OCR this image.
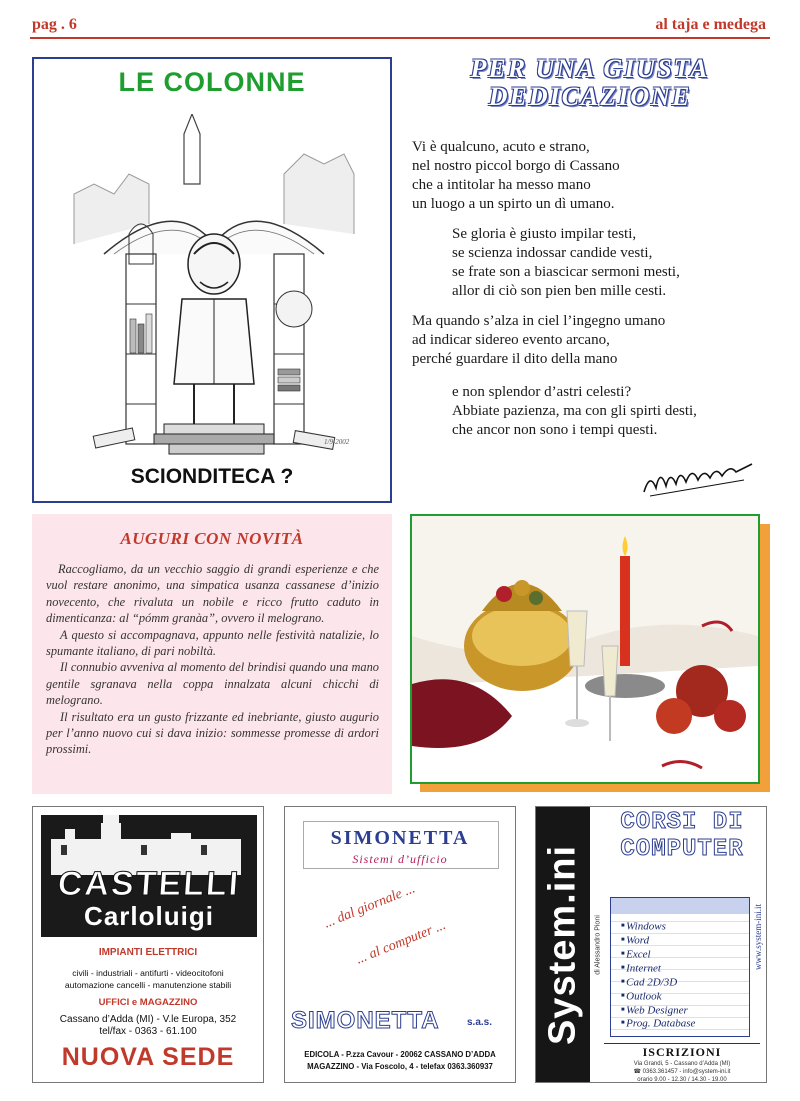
pag . 6	al taja e medega
LE COLONNE
1/9-2002
SCIONDITECA ?
PER UNA GIUSTA
DEDICAZIONE
Vi è qualcuno, acuto e strano,
nel nostro piccol borgo di Cassano
che a intitolar ha messo mano
un luogo a un spirto un dì umano.
Se gloria è giusto impilar testi,
se scienza indossar candide vesti,
se frate son a biascicar sermoni mesti,
allor di ciò son pien ben mille cesti.
Ma quando s’alza in ciel l’ingegno umano
ad indicar sidereo evento arcano,
perché guardare il dito della mano
e non splendor d’astri celesti?
Abbiate pazienza, ma con gli spirti desti,
che ancor non sono i tempi questi.
AUGURI CON NOVITÀ

Raccogliamo, da un vecchio saggio di grandi esperienze e che vuol restare anonimo, una simpatica usanza cassanese d’inizio novecento, che rivaluta un nobile e ricco frutto caduto in dimenticanza: al “pómm granàa”, ovvero il melograno.

A questo si accompagnava, appunto nelle festività natalizie, lo spumante italiano, di pari nobiltà.

Il connubio avveniva al momento del brindisi quando una mano gentile sgranava nella coppa innalzata alcuni chicchi di melograno.

Il risultato era un gusto frizzante ed inebriante, giusto augurio per l’anno nuovo cui si dava inizio: sommesse promesse di ardori prossimi.

CASTELLI
Carloluigi
IMPIANTI ELETTRICI
civili - industriali - antifurti - videocitofoni
automazione cancelli - manutenzione stabili
UFFICI e MAGAZZINO
Cassano d’Adda (MI) - V.le Europa, 352
tel/fax - 0363 - 61.100
NUOVA SEDE
SIMONETTA
Sistemi d’ufficio
... dal giornale ...
... al computer ...
SIMONETTA	s.a.s.
EDICOLA - P.zza Cavour - 20062 CASSANO D’ADDA
MAGAZZINO - Via Foscolo, 4 - telefax 0363.360937
System.ini di Alessandro Pioni
CORSI DI
COMPUTER
www.system-ini.it
■ Windows
■ Word
■ Excel
■ Internet
■ Cad 2D/3D
■ Outlook
■ Web Designer
■ Prog. Database
ISCRIZIONI
Via Grandi, 5 - Cassano d’Adda (MI)
☎ 0363.361457 - info@system-ini.it
orario 9.00 - 12.30 / 14.30 - 19.00
